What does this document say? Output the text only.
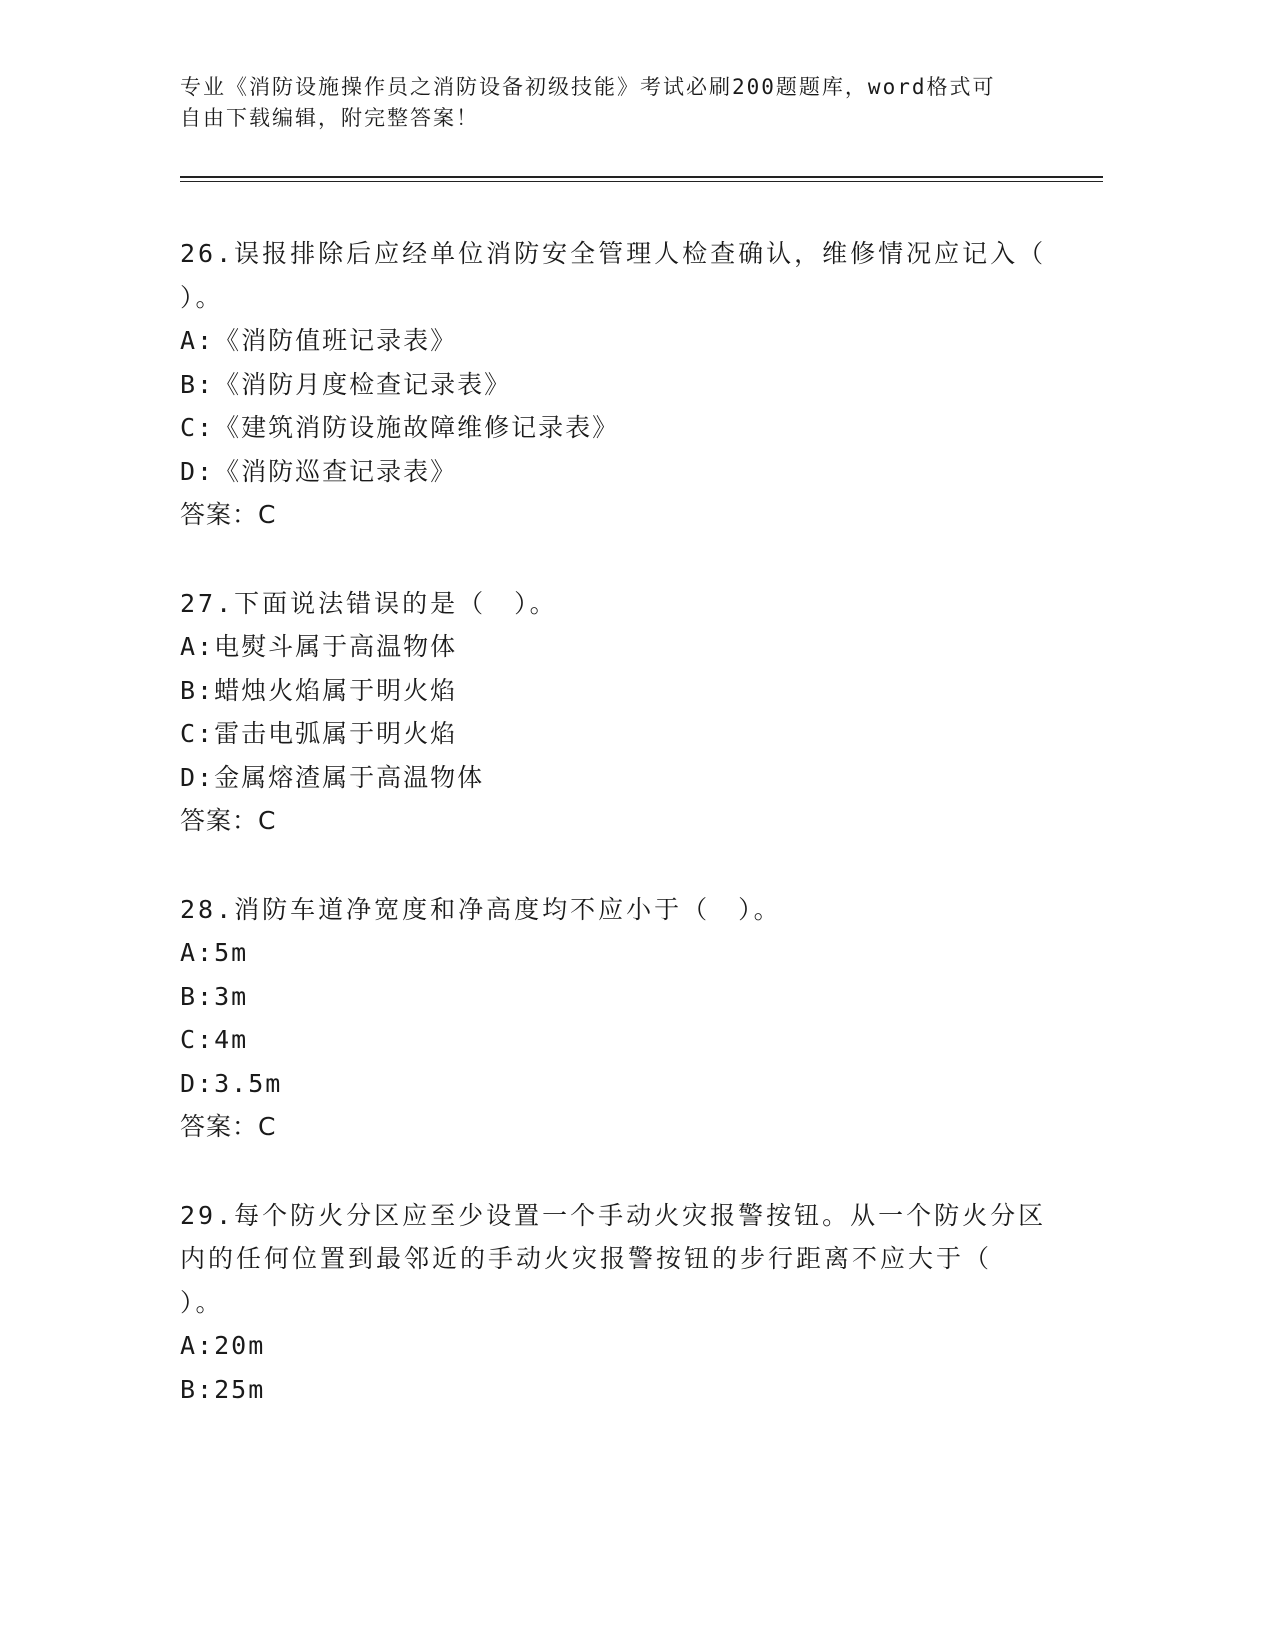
专业《消防设施操作员之消防设备初级技能》考试必刷200题题库，word格式可
自由下载编辑，附完整答案！
26.误报排除后应经单位消防安全管理人检查确认，维修情况应记入（
）。
A:《消防值班记录表》
B:《消防月度检查记录表》
C:《建筑消防设施故障维修记录表》
D:《消防巡查记录表》
答案：C
27.下面说法错误的是（　）。
A:电熨斗属于高温物体
B:蜡烛火焰属于明火焰
C:雷击电弧属于明火焰
D:金属熔渣属于高温物体
答案：C
28.消防车道净宽度和净高度均不应小于（　）。
A:5m
B:3m
C:4m
D:3.5m
答案：C
29.每个防火分区应至少设置一个手动火灾报警按钮。从一个防火分区
内的任何位置到最邻近的手动火灾报警按钮的步行距离不应大于（
）。
A:20m
B:25m
